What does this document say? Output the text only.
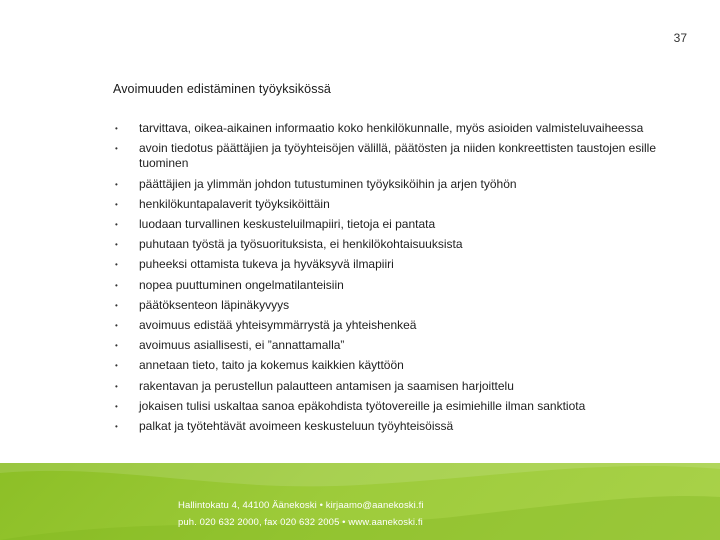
37
Avoimuuden edistäminen työyksikössä
•	tarvittava, oikea-aikainen informaatio koko henkilökunnalle, myös asioiden valmisteluvaiheessa
•	avoin tiedotus päättäjien ja työyhteisöjen välillä, päätösten ja niiden konkreettisten taustojen esille tuominen
•	päättäjien ja ylimmän johdon tutustuminen työyksiköihin ja arjen työhön
•	henkilökuntapalaverit työyksiköittäin
•	luodaan turvallinen keskusteluilmapiiri, tietoja ei pantata
•	puhutaan työstä ja työsuorituksista, ei henkilökohtaisuuksista
•	puheeksi ottamista tukeva ja hyväksyvä ilmapiiri
•	nopea puuttuminen ongelmatilanteisiin
•	päätöksenteon läpinäkyvyys
•	avoimuus edistää yhteisymmärrystä ja yhteishenkeä
•	avoimuus asiallisesti, ei ”annattamalla”
•	annetaan tieto, taito ja kokemus kaikkien käyttöön
•	rakentavan ja perustellun palautteen antamisen ja saamisen harjoittelu
•	jokaisen tulisi uskaltaa sanoa epäkohdista työtovereille ja esimiehille ilman sanktiota
•	palkat ja työtehtävät avoimeen keskusteluun työyhteisöissä
Hallintokatu 4, 44100 Äänekoski • kirjaamo@aanekoski.fi
puh. 020 632 2000, fax 020 632 2005 • www.aanekoski.fi
